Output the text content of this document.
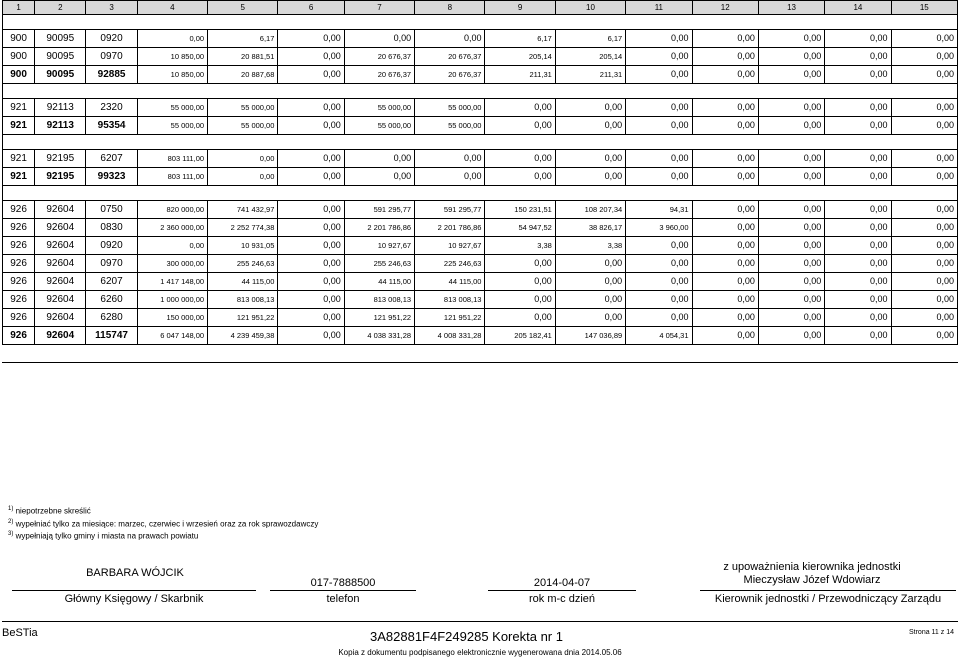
1	2	3	4	5	6	7	8	9	10	11	12	13	14	15

900	90095	0920	0,00	6,17	0,00	0,00	0,00	6,17	6,17	0,00	0,00	0,00	0,00	0,00
900	90095	0970	10 850,00	20 881,51	0,00	20 676,37	20 676,37	205,14	205,14	0,00	0,00	0,00	0,00	0,00
900	90095	92885	10 850,00	20 887,68	0,00	20 676,37	20 676,37	211,31	211,31	0,00	0,00	0,00	0,00	0,00

921	92113	2320	55 000,00	55 000,00	0,00	55 000,00	55 000,00	0,00	0,00	0,00	0,00	0,00	0,00	0,00
921	92113	95354	55 000,00	55 000,00	0,00	55 000,00	55 000,00	0,00	0,00	0,00	0,00	0,00	0,00	0,00

921	92195	6207	803 111,00	0,00	0,00	0,00	0,00	0,00	0,00	0,00	0,00	0,00	0,00	0,00
921	92195	99323	803 111,00	0,00	0,00	0,00	0,00	0,00	0,00	0,00	0,00	0,00	0,00	0,00

926	92604	0750	820 000,00	741 432,97	0,00	591 295,77	591 295,77	150 231,51	108 207,34	94,31	0,00	0,00	0,00	0,00
926	92604	0830	2 360 000,00	2 252 774,38	0,00	2 201 786,86	2 201 786,86	54 947,52	38 826,17	3 960,00	0,00	0,00	0,00	0,00
926	92604	0920	0,00	10 931,05	0,00	10 927,67	10 927,67	3,38	3,38	0,00	0,00	0,00	0,00	0,00
926	92604	0970	300 000,00	255 246,63	0,00	255 246,63	225 246,63	0,00	0,00	0,00	0,00	0,00	0,00	0,00
926	92604	6207	1 417 148,00	44 115,00	0,00	44 115,00	44 115,00	0,00	0,00	0,00	0,00	0,00	0,00	0,00
926	92604	6260	1 000 000,00	813 008,13	0,00	813 008,13	813 008,13	0,00	0,00	0,00	0,00	0,00	0,00	0,00
926	92604	6280	150 000,00	121 951,22	0,00	121 951,22	121 951,22	0,00	0,00	0,00	0,00	0,00	0,00	0,00
926	92604	115747	6 047 148,00	4 239 459,38	0,00	4 038 331,28	4 008 331,28	205 182,41	147 036,89	4 054,31	0,00	0,00	0,00	0,00
$^{1)}$ niepotrzebne skreślić
$^{2)}$ wypełniać tylko za miesiące: marzec, czerwiec i wrzesień oraz za rok sprawozdawczy
$^{3)}$ wypełniają tylko gminy i miasta na prawach powiatu
BARBARA WÓJCIK
Główny Księgowy / Skarbnik
017-7888500
telefon
2014-04-07
rok m-c dzień
z upoważnienia kierownika jednostki
Mieczysław Józef Wdowiarz
Kierownik jednostki / Przewodniczący Zarządu
BeSTia	3A82881F4F249285 Korekta nr 1	Strona 11 z 14
Kopia z dokumentu podpisanego elektronicznie wygenerowana dnia 2014.05.06
